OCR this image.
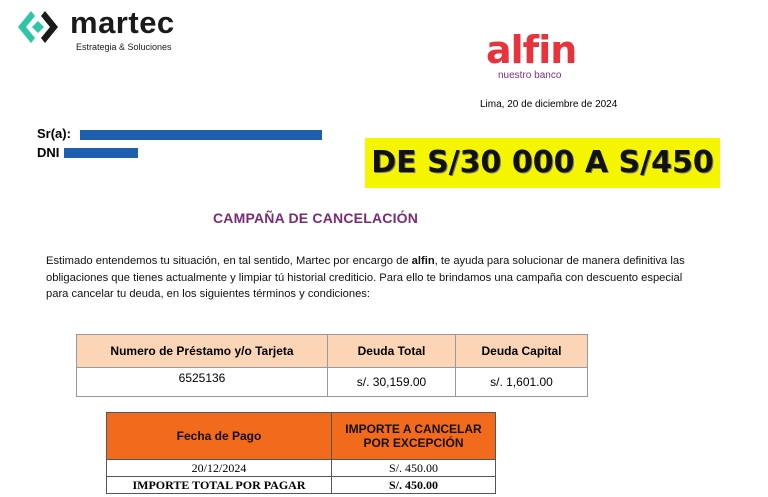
martec
Estrategia & Soluciones	alfin
nuestro banco
Lima, 20 de diciembre de 2024
Sr(a):
DNI	DE S/30 000 A S/450
CAMPAÑA DE CANCELACIÓN
Estimado entendemos tu situación, en tal sentido, Martec por encargo de alfin, te ayuda para solucionar de manera definitiva las obligaciones que tienes actualmente y limpiar tú historial crediticio. Para ello te brindamos una campaña con descuento especial para cancelar tu deuda, en los siguientes términos y condiciones:
Numero de Préstamo y/o Tarjeta	Deuda Total	Deuda Capital
6525136	s/. 30,159.00	s/. 1,601.00
Fecha de Pago	IMPORTE A CANCELAR POR EXCEPCIÓN
20/12/2024	S/. 450.00
IMPORTE TOTAL POR PAGAR	S/. 450.00
